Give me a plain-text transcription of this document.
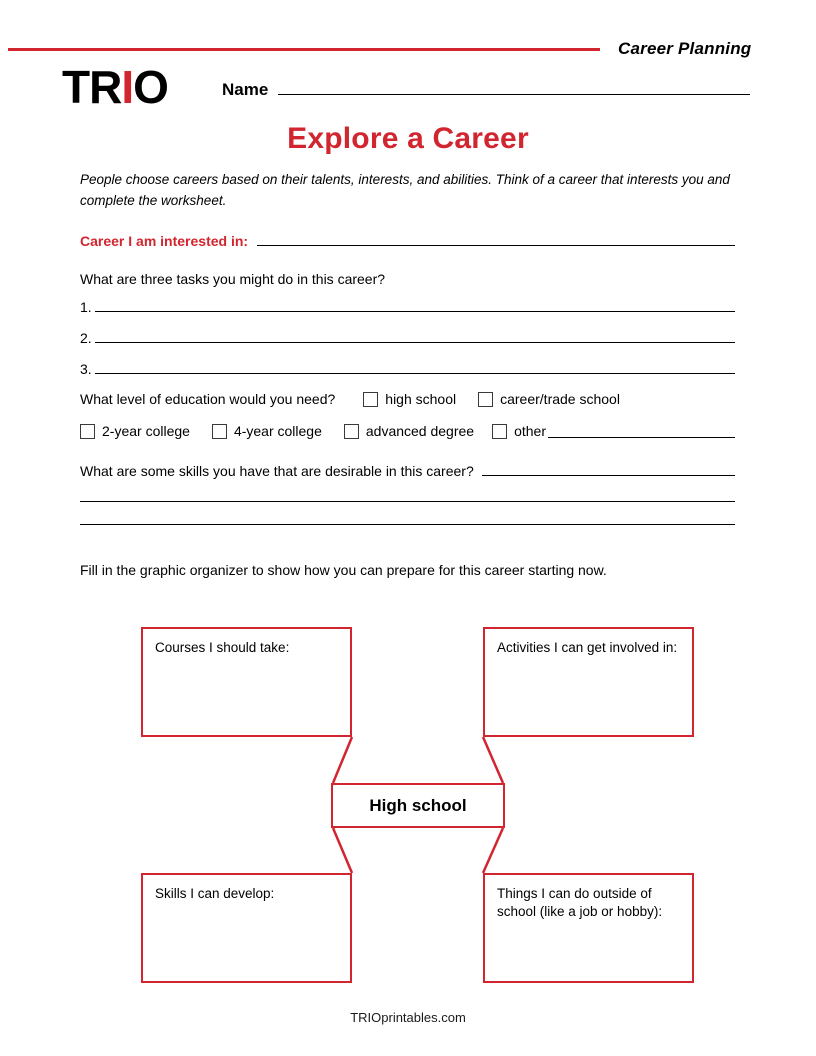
Career Planning
TR I O	Name
Explore a Career

People choose careers based on their talents, interests, and abilities. Think of a career that interests you and complete the worksheet.

Career I am interested in:
What are three tasks you might do in this career?
1.
2.
3.
What level of education would you need?	high school	career/trade school
2-year college	4-year college	advanced degree	other
What are some skills you have that are desirable in this career?
Fill in the graphic organizer to show how you can prepare for this career starting now.
Courses I should take:	Activities I can get involved in:
High school
Skills I can develop:	Things I can do outside of school (like a job or hobby):
TRIOprintables.com
